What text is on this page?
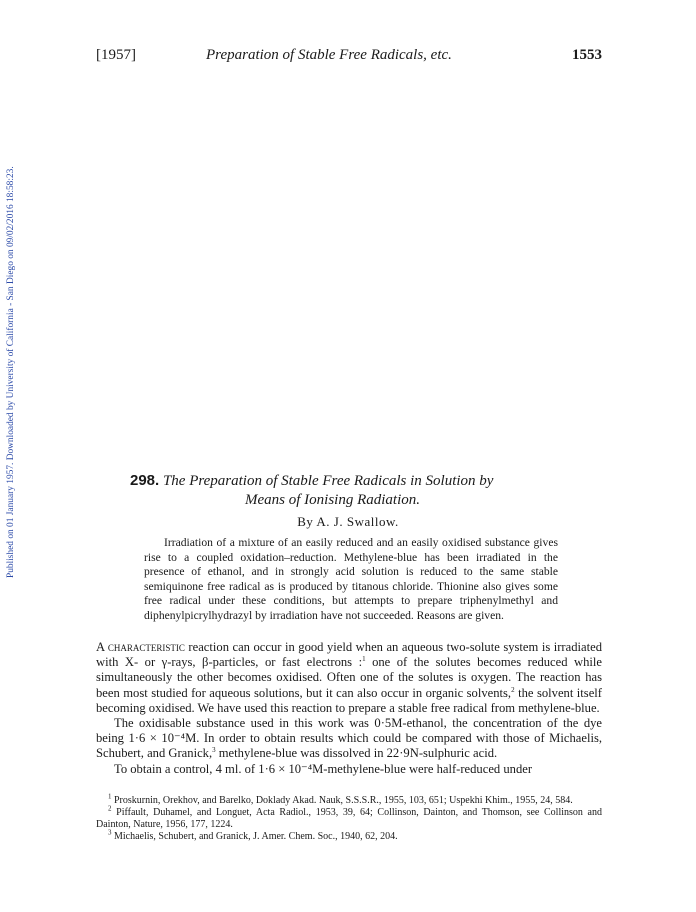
Published on 01 January 1957. Downloaded by University of California - San Diego on 09/02/2016 18:58:23.
[1957]	Preparation of Stable Free Radicals, etc.	1553
298. The Preparation of Stable Free Radicals in Solution by
Means of Ionising Radiation.
By A. J. Swallow.

Irradiation of a mixture of an easily reduced and an easily oxidised substance gives rise to a coupled oxidation–reduction. Methylene-blue has been irradiated in the presence of ethanol, and in strongly acid solution is reduced to the same stable semiquinone free radical as is produced by titanous chloride. Thionine also gives some free radical under these conditions, but attempts to prepare triphenylmethyl and diphenylpicrylhydrazyl by irradiation have not succeeded. Reasons are given.

A characteristic reaction can occur in good yield when an aqueous two-solute system is irradiated with X- or γ-rays, β-particles, or fast electrons :$^1$ one of the solutes becomes reduced while simultaneously the other becomes oxidised. Often one of the solutes is oxygen. The reaction has been most studied for aqueous solutions, but it can also occur in organic solvents,$^2$ the solvent itself becoming oxidised. We have used this reaction to prepare a stable free radical from methylene-blue.

The oxidisable substance used in this work was 0·5M-ethanol, the concentration of the dye being 1·6 × 10⁻⁴M. In order to obtain results which could be compared with those of Michaelis, Schubert, and Granick,$^3$ methylene-blue was dissolved in 22·9N-sulphuric acid.

To obtain a control, 4 ml. of 1·6 × 10⁻⁴M-methylene-blue were half-reduced under

$^1$ Proskurnin, Orekhov, and Barelko, Doklady Akad. Nauk, S.S.S.R., 1955, 103, 651; Uspekhi Khim., 1955, 24, 584.

$^2$ Piffault, Duhamel, and Longuet, Acta Radiol., 1953, 39, 64; Collinson, Dainton, and Thomson, see Collinson and Dainton, Nature, 1956, 177, 1224.

$^3$ Michaelis, Schubert, and Granick, J. Amer. Chem. Soc., 1940, 62, 204.
